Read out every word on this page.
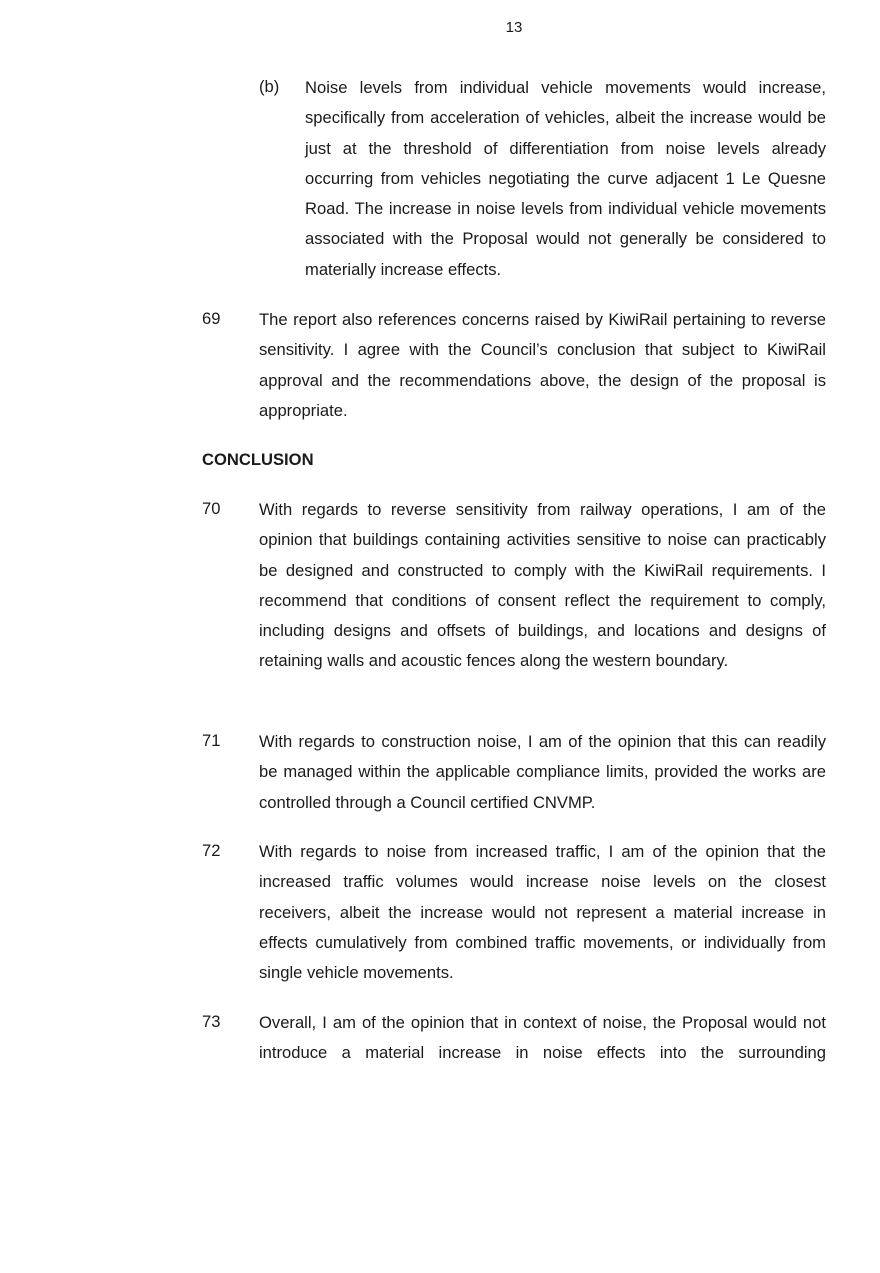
13
(b) Noise levels from individual vehicle movements would increase, specifically from acceleration of vehicles, albeit the increase would be just at the threshold of differentiation from noise levels already occurring from vehicles negotiating the curve adjacent 1 Le Quesne Road. The increase in noise levels from individual vehicle movements associated with the Proposal would not generally be considered to materially increase effects.
69 The report also references concerns raised by KiwiRail pertaining to reverse sensitivity. I agree with the Council’s conclusion that subject to KiwiRail approval and the recommendations above, the design of the proposal is appropriate.
CONCLUSION
70 With regards to reverse sensitivity from railway operations, I am of the opinion that buildings containing activities sensitive to noise can practicably be designed and constructed to comply with the KiwiRail requirements. I recommend that conditions of consent reflect the requirement to comply, including designs and offsets of buildings, and locations and designs of retaining walls and acoustic fences along the western boundary.
71 With regards to construction noise, I am of the opinion that this can readily be managed within the applicable compliance limits, provided the works are controlled through a Council certified CNVMP.
72 With regards to noise from increased traffic, I am of the opinion that the increased traffic volumes would increase noise levels on the closest receivers, albeit the increase would not represent a material increase in effects cumulatively from combined traffic movements, or individually from single vehicle movements.
73 Overall, I am of the opinion that in context of noise, the Proposal would not introduce a material increase in noise effects into the surrounding
